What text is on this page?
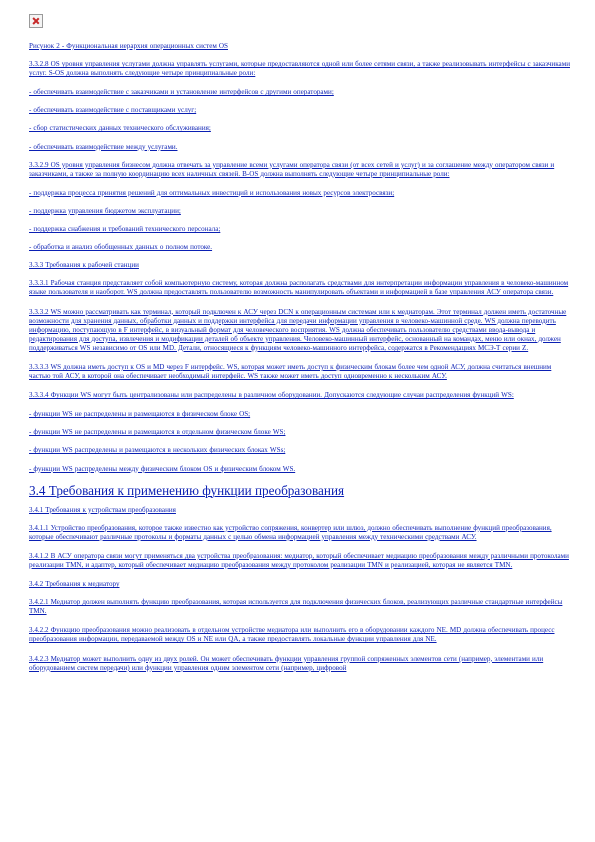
Рисунок 2 - Функциональная иерархия операционных систем OS

3.3.2.8 OS уровня управления услугами должна управлять услугами, которые предоставляются одной или более сетями связи, а также реализовывать интерфейсы с заказчиками услуг. S-OS должна выполнять следующие четыре принципиальные роли:

- обеспечивать взаимодействие с заказчиками и установление интерфейсов с другими операторами;

- обеспечивать взаимодействие с поставщиками услуг;

- сбор статистических данных технического обслуживания;

- обеспечивать взаимодействие между услугами.

3.3.2.9 OS уровня управления бизнесом должна отвечать за управление всеми услугами оператора связи (от всех сетей и услуг) и за соглашение между оператором связи и заказчиками, а также за полную координацию всех наличных связей. B-OS должна выполнять следующие четыре принципиальные роли:

- поддержка процесса принятия решений для оптимальных инвестиций и использования новых ресурсов электросвязи;

- поддержка управления бюджетом эксплуатации;

- поддержка снабжения и требований технического персонала;

- обработка и анализ обобщенных данных о полном потоке.

3.3.3 Требования к рабочей станции

3.3.3.1 Рабочая станция представляет собой компьютерную систему, которая должна располагать средствами для интерпретации информации управления в человеко-машинном языке пользователя и наоборот. WS должна предоставлять пользователю возможность манипулировать объектами и информацией в базе управления АСУ оператора связи.

3.3.3.2 WS можно рассматривать как терминал, который подключен к АСУ через DCN к операционным системам или к медиаторам. Этот терминал должен иметь достаточные возможности для хранения данных, обработки данных и поддержки интерфейса для передачи информации управления в человеко-машинной среде. WS должна переводить информацию, поступающую в F интерфейс, в визуальный формат для человеческого восприятия. WS должна обеспечивать пользователю средствами ввода-вывода и редактирования для доступа, извлечения и модификации деталей об объекте управления. Человеко-машинный интерфейс, основанный на командах, меню или окнах, должен поддерживаться WS независимо от OS или MD. Детали, относящиеся к функциям человеко-машинного интерфейса, содержатся в Рекомендациях МСЭ-Т серии Z.

3.3.3.3 WS должна иметь доступ к OS и MD через F интерфейс. WS, которая может иметь доступ к физическим блокам более чем одной АСУ, должна считаться внешним частью той АСУ, в которой она обеспечивает необходимый интерфейс. WS также может иметь доступ одновременно к нескольким АСУ.

3.3.3.4 Функции WS могут быть централизованы или распределены в различном оборудовании. Допускаются следующие случаи распределения функций WS:

- функции WS не распределены и размещаются в физическом блоке OS;

- функции WS не распределены и размещаются в отдельном физическом блоке WS;

- функции WS распределены и размещаются в нескольких физических блоках WSs;

- функции WS распределены между физическим блоком OS и физическим блоком WS.

3.4 Требования к применению функции преобразования

3.4.1 Требования к устройствам преобразования

3.4.1.1 Устройство преобразования, которое также известно как устройство сопряжения, конвертер или шлюз, должно обеспечивать выполнение функций преобразования, которые обеспечивают различные протоколы и форматы данных с целью обмена информацией управления между техническими средствами АСУ.

3.4.1.2 В АСУ оператора связи могут применяться два устройства преобразования: медиатор, который обеспечивает медиацию преобразования между различными протоколами реализации TMN, и адаптер, который обеспечивает медиацию преобразования между протоколом реализации TMN и реализацией, которая не является TMN.

3.4.2 Требования к медиатору

3.4.2.1 Медиатор должен выполнять функцию преобразования, которая используется для подключения физических блоков, реализующих различные стандартные интерфейсы TMN.

3.4.2.2 Функцию преобразования можно реализовать в отдельном устройстве медиатора или выполнить его в оборудовании каждого NE. MD должна обеспечивать процесс преобразования информации, передаваемой между OS и NE или QA, а также предоставлять локальные функции управления для NE.

3.4.2.3 Медиатор может выполнить одну из двух ролей. Он может обеспечивать функции управления группой сопряженных элементов сети (например, элементами или оборудованием систем передачи) или функции управления одним элементом сети (например, цифровой
